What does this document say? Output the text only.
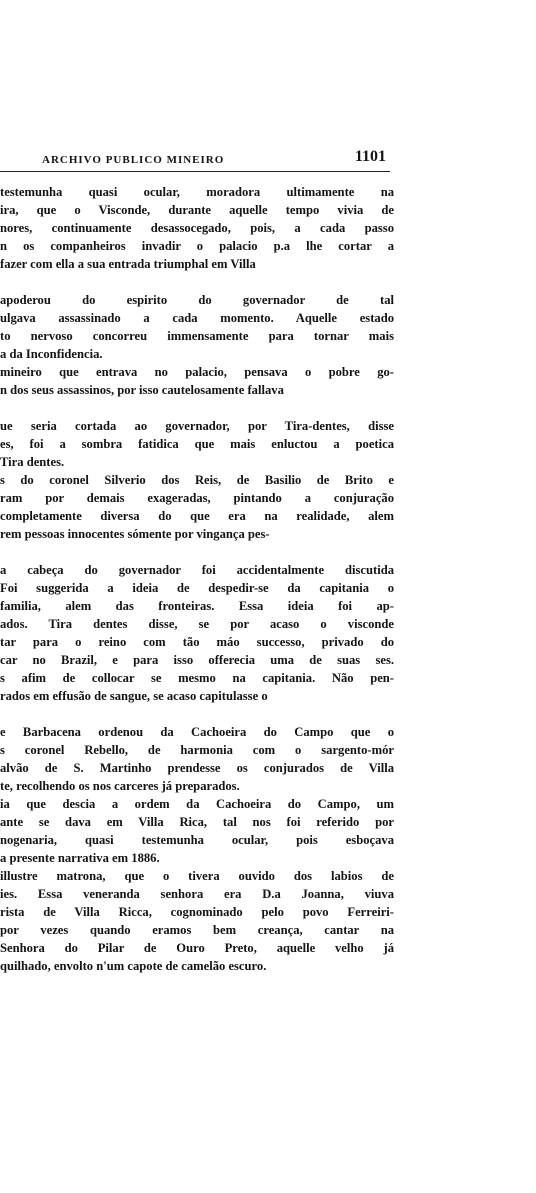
ARCHIVO PUBLICO MINEIRO	1101
testemunha quasi ocular, moradora ultimamente na
ira, que o Visconde, durante aquelle tempo vivia de
nores, continuamente desassocegado, pois, a cada passo
n os companheiros invadir o palacio p.a lhe cortar a
fazer com ella a sua entrada triumphal em Villa
apoderou do espirito do governador de tal
ulgava assassinado a cada momento. Aquelle estado
to nervoso concorreu immensamente para tornar mais
a da Inconfidencia.
mineiro que entrava no palacio, pensava o pobre go-
n dos seus assassinos, por isso cautelosamente fallava
ue seria cortada ao governador, por Tira-dentes, disse
es, foi a sombra fatidica que mais enluctou a poetica
Tira dentes.
s do coronel Silverio dos Reis, de Basilio de Brito e
ram por demais exageradas, pintando a conjuração
completamente diversa do que era na realidade, alem
rem pessoas innocentes sómente por vingança pes-
a cabeça do governador foi accidentalmente discutida
Foi suggerida a ideia de despedir-se da capitania o
familia, alem das fronteiras. Essa ideia foi ap-
ados. Tira dentes disse, se por acaso o visconde
tar para o reino com tão máo successo, privado do
car no Brazil, e para isso offerecia uma de suas ses.
s afim de collocar se mesmo na capitania. Não pen-
rados em effusão de sangue, se acaso capitulasse o
e Barbacena ordenou da Cachoeira do Campo que o
s coronel Rebello, de harmonia com o sargento-mór
alvão de S. Martinho prendesse os conjurados de Villa
te, recolhendo os nos carceres já preparados.
ia que descia a ordem da Cachoeira do Campo, um
ante se dava em Villa Rica, tal nos foi referido por
nogenaria, quasi testemunha ocular, pois esboçava
a presente narrativa em 1886.
illustre matrona, que o tivera ouvido dos labios de
ies. Essa veneranda senhora era D.a Joanna, viuva
rista de Villa Ricca, cognominado pelo povo Ferreiri-
por vezes quando eramos bem creança, cantar na
Senhora do Pilar de Ouro Preto, aquelle velho já
quilhado, envolto n'um capote de camelão escuro.
